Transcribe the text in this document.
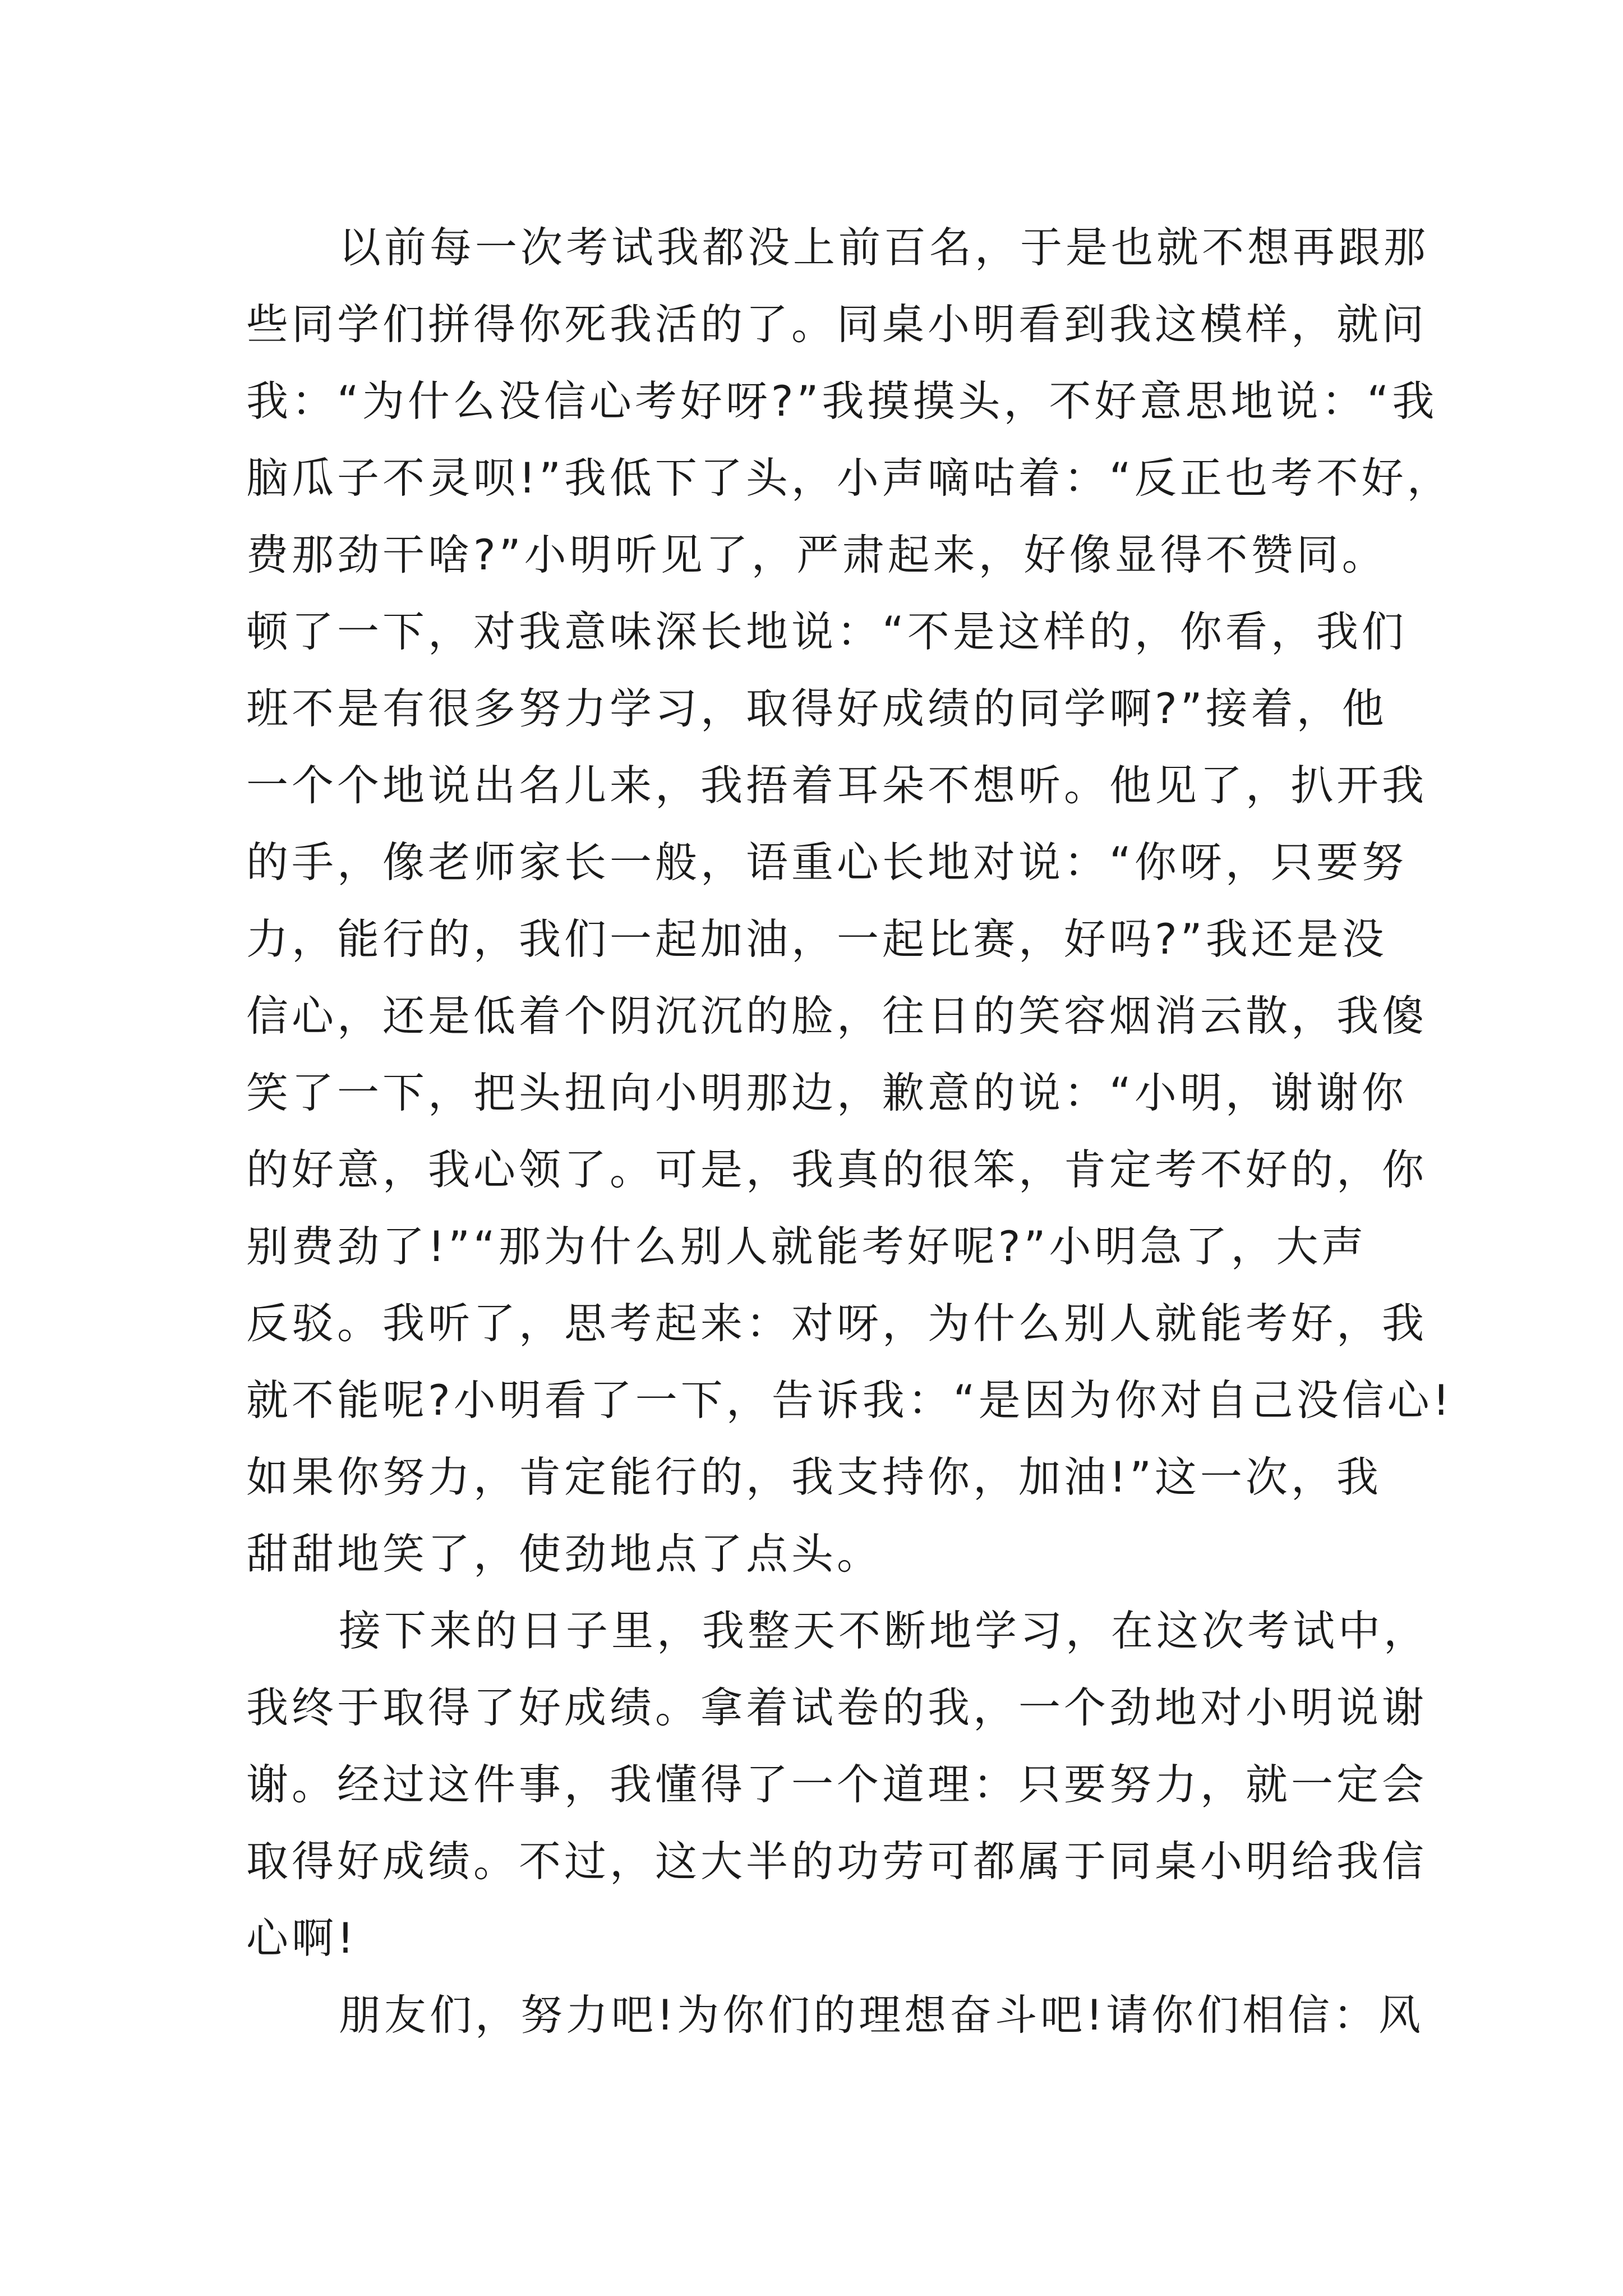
以前每一次考试我都没上前百名，于是也就不想再跟那
些同学们拼得你死我活的了。同桌小明看到我这模样，就问
我：“为什么没信心考好呀?”我摸摸头，不好意思地说：“我
脑瓜子不灵呗!”我低下了头，小声嘀咕着：“反正也考不好，
费那劲干啥?”小明听见了，严肃起来，好像显得不赞同。
顿了一下，对我意味深长地说：“不是这样的，你看，我们
班不是有很多努力学习，取得好成绩的同学啊?”接着，他
一个个地说出名儿来，我捂着耳朵不想听。他见了，扒开我
的手，像老师家长一般，语重心长地对说：“你呀，只要努
力，能行的，我们一起加油，一起比赛，好吗?”我还是没
信心，还是低着个阴沉沉的脸，往日的笑容烟消云散，我傻
笑了一下，把头扭向小明那边，歉意的说：“小明，谢谢你
的好意，我心领了。可是，我真的很笨，肯定考不好的，你
别费劲了!”“那为什么别人就能考好呢?”小明急了，大声
反驳。我听了，思考起来：对呀，为什么别人就能考好，我
就不能呢?小明看了一下，告诉我：“是因为你对自己没信心!
如果你努力，肯定能行的，我支持你，加油!”这一次，我
甜甜地笑了，使劲地点了点头。

接下来的日子里，我整天不断地学习，在这次考试中，
我终于取得了好成绩。拿着试卷的我，一个劲地对小明说谢
谢。经过这件事，我懂得了一个道理：只要努力，就一定会
取得好成绩。不过，这大半的功劳可都属于同桌小明给我信
心啊!

朋友们，努力吧!为你们的理想奋斗吧!请你们相信：风
